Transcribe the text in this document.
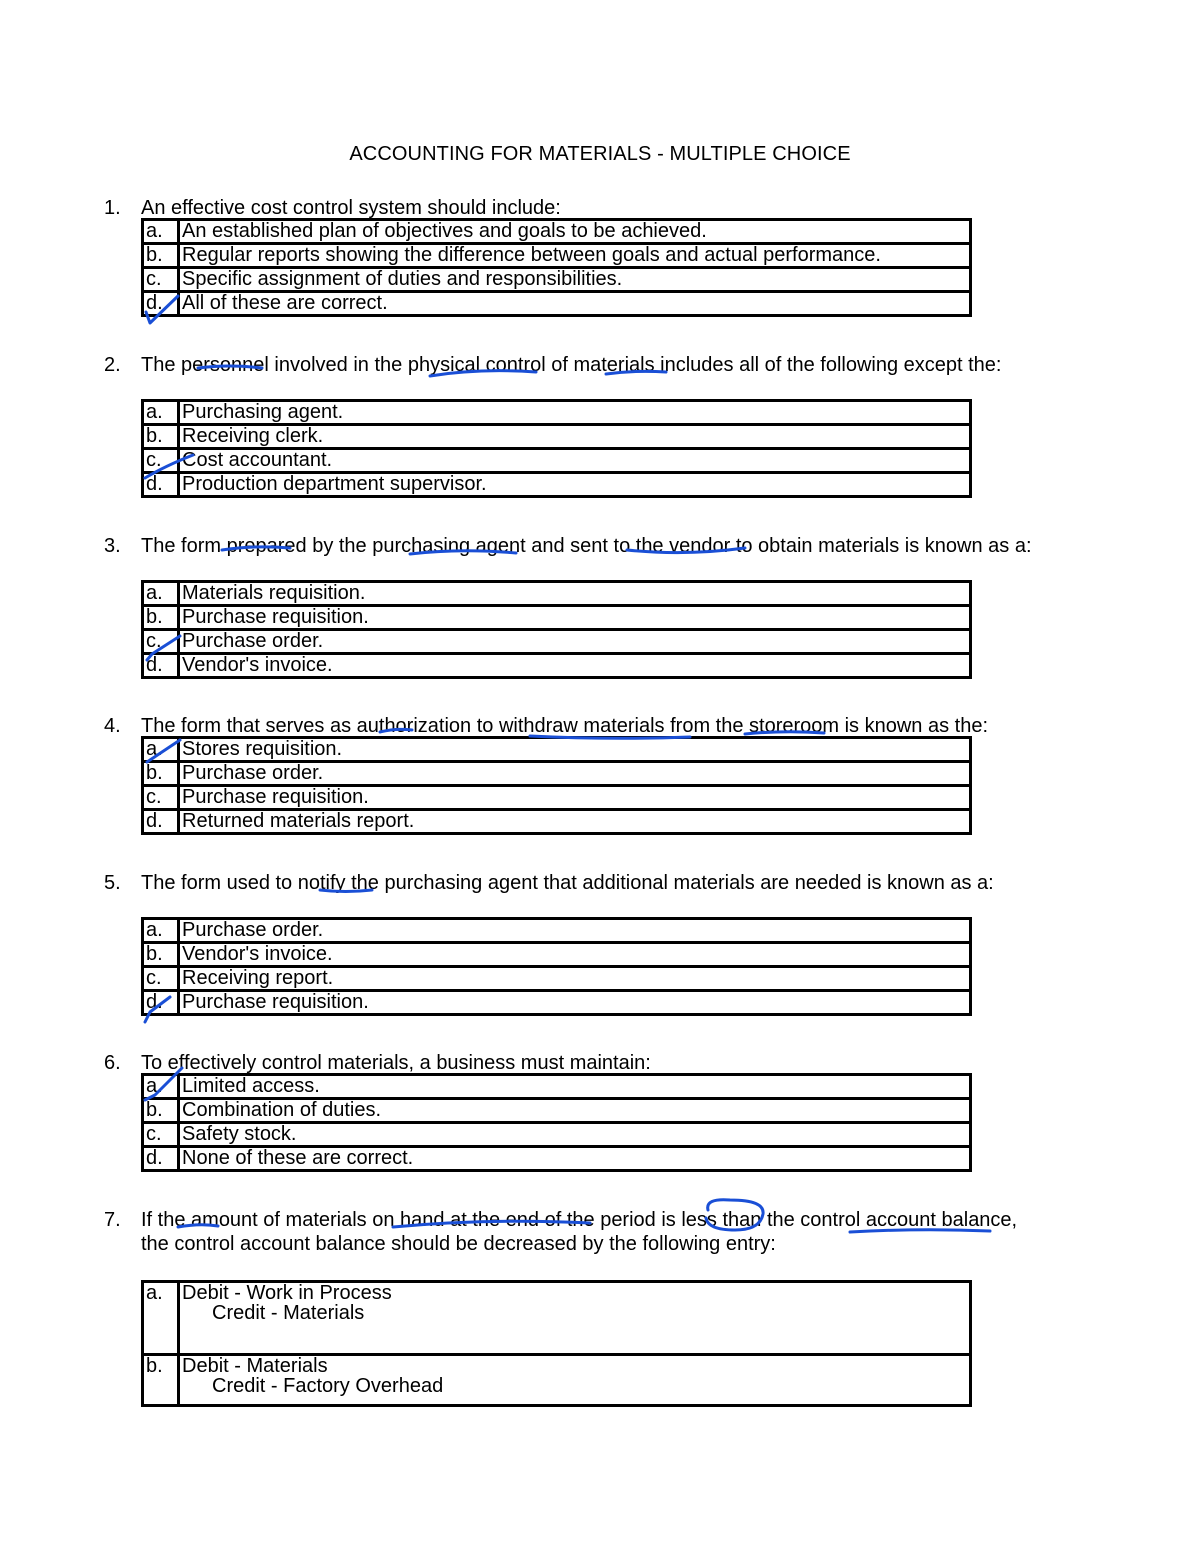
ACCOUNTING FOR MATERIALS - MULTIPLE CHOICE
1. An effective cost control system should include:
a.	An established plan of objectives and goals to be achieved.
b.	Regular reports showing the difference between goals and actual performance.
c.	Specific assignment of duties and responsibilities.
d.	All of these are correct.
2. The personnel involved in the physical control of materials includes all of the following except the:
a.	Purchasing agent.
b.	Receiving clerk.
c.	Cost accountant.
d.	Production department supervisor.
3. The form prepared by the purchasing agent and sent to the vendor to obtain materials is known as a:
a.	Materials requisition.
b.	Purchase requisition.
c.	Purchase order.
d.	Vendor's invoice.
4. The form that serves as authorization to withdraw materials from the storeroom is known as the:
a.	Stores requisition.
b.	Purchase order.
c.	Purchase requisition.
d.	Returned materials report.
5. The form used to notify the purchasing agent that additional materials are needed is known as a:
a.	Purchase order.
b.	Vendor's invoice.
c.	Receiving report.
d.	Purchase requisition.
6. To effectively control materials, a business must maintain:
a.	Limited access.
b.	Combination of duties.
c.	Safety stock.
d.	None of these are correct.
7. If the amount of materials on hand at the end of the period is less than the control account balance, the control account balance should be decreased by the following entry:
a.	Debit - Work in Process
Credit - Materials

b.	Debit - Materials
Credit - Factory Overhead
